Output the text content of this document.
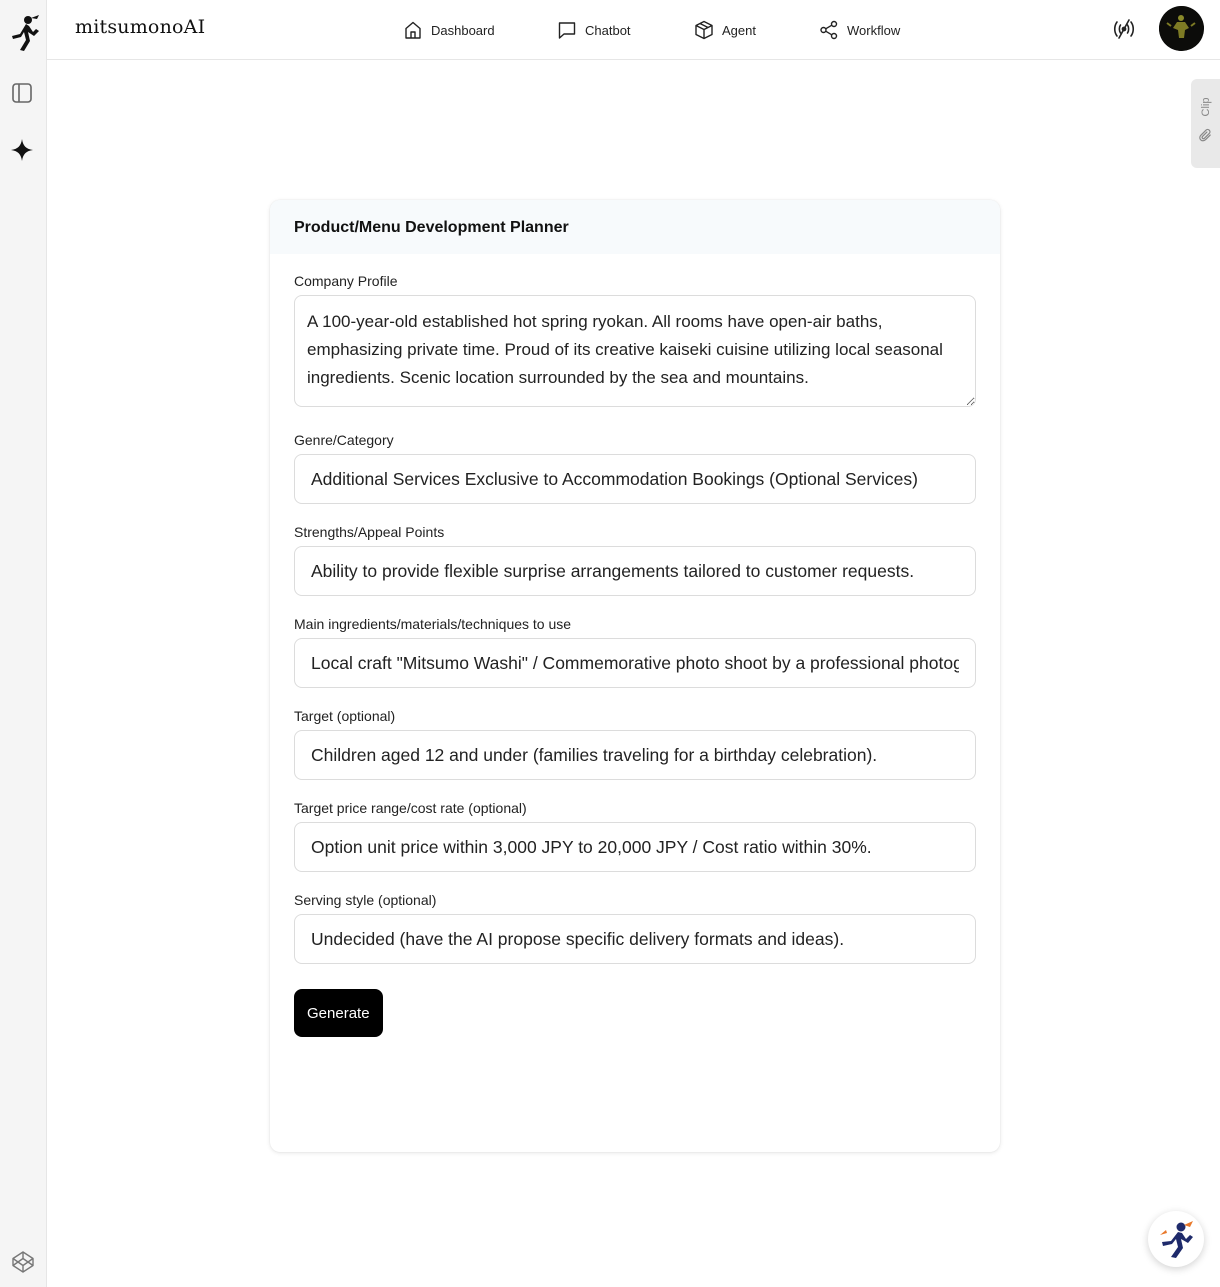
mitsumonoAI	Dashboard	Chatbot	Agent	Workflow
Clip
Product/Menu Development Planner
Company Profile
A 100-year-old established hot spring ryokan. All rooms have open-air baths, emphasizing private time. Proud of its creative kaiseki cuisine utilizing local seasonal ingredients. Scenic location surrounded by the sea and mountains.
Genre/Category
Additional Services Exclusive to Accommodation Bookings (Optional Services)
Strengths/Appeal Points
Ability to provide flexible surprise arrangements tailored to customer requests.
Main ingredients/materials/techniques to use
Local craft "Mitsumo Washi" / Commemorative photo shoot by a professional photographer
Target (optional)
Children aged 12 and under (families traveling for a birthday celebration).
Target price range/cost rate (optional)
Option unit price within 3,000 JPY to 20,000 JPY / Cost ratio within 30%.
Serving style (optional)
Undecided (have the AI propose specific delivery formats and ideas).
Generate
